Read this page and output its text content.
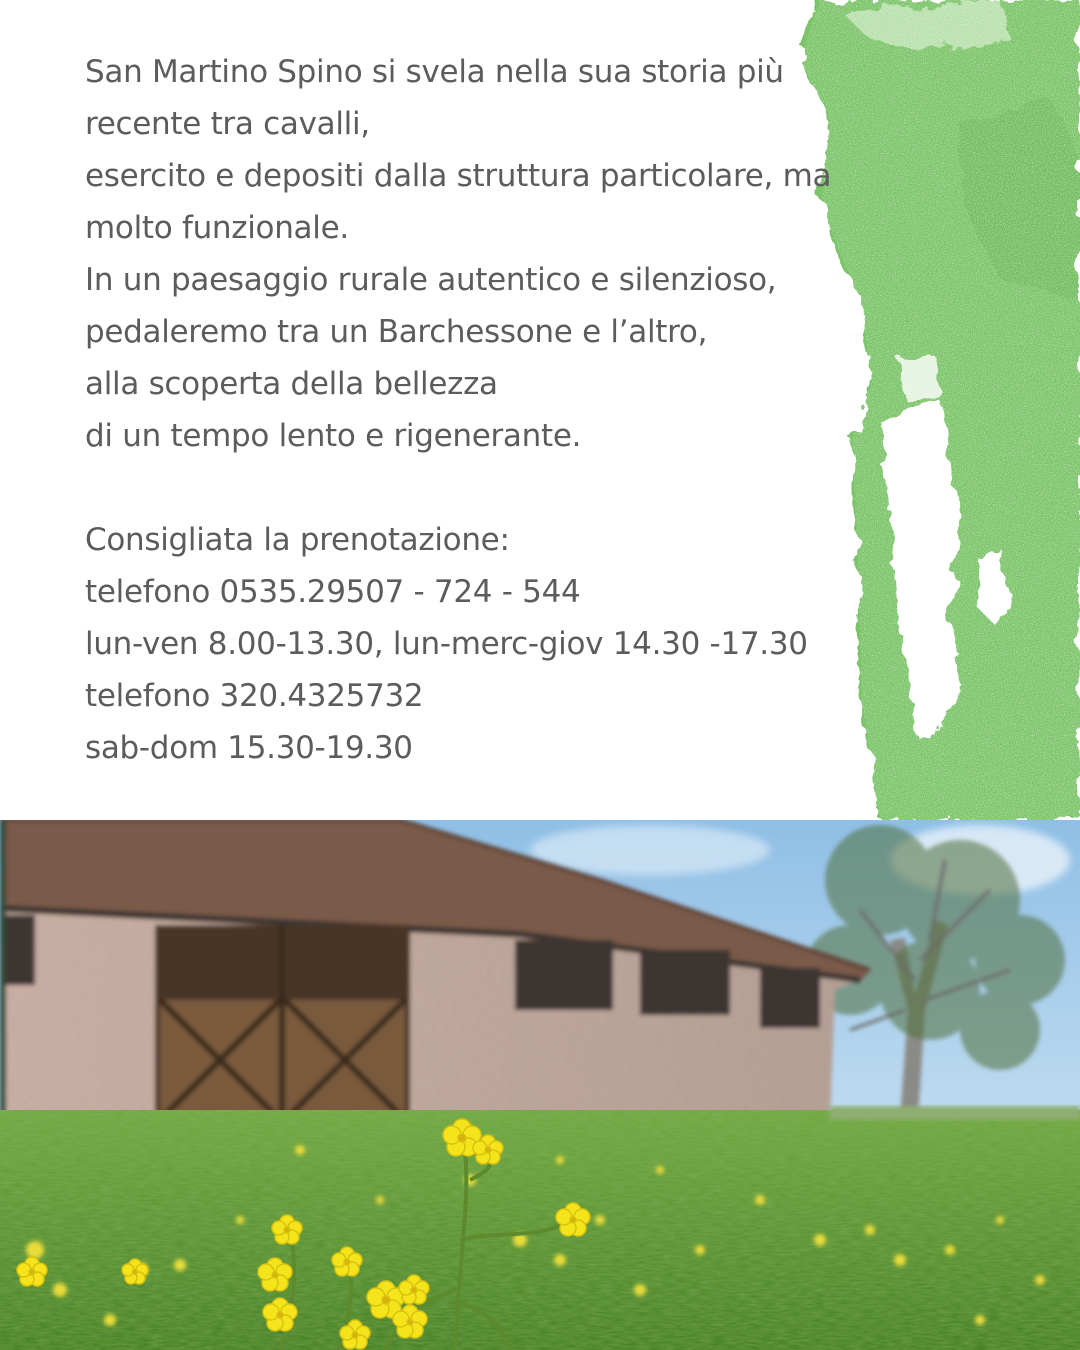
San Martino Spino si svela nella sua storia più
recente tra cavalli,
esercito e depositi dalla struttura particolare, ma
molto funzionale.
In un paesaggio rurale autentico e silenzioso,
pedaleremo tra un Barchessone e l’altro,
alla scoperta della bellezza
di un tempo lento e rigenerante.
Consigliata la prenotazione:
telefono 0535.29507 - 724 - 544
lun-ven 8.00-13.30, lun-merc-giov 14.30 -17.30
telefono 320.4325732
sab-dom 15.30-19.30
